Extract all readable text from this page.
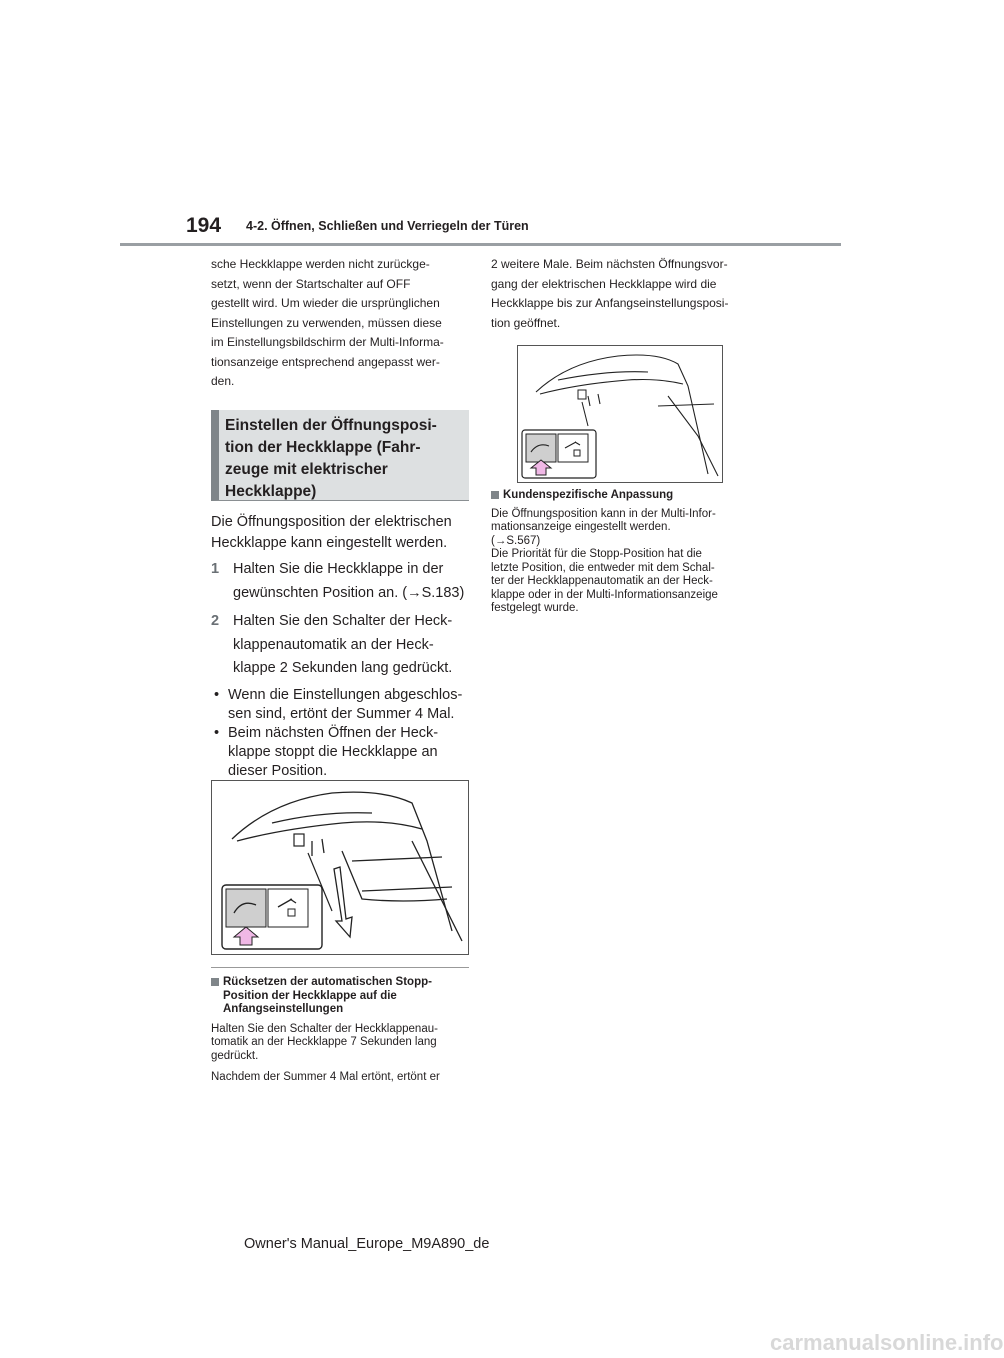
194 4-2. Öffnen, Schließen und Verriegeln der Türen

sche Heckklappe werden nicht zurückge-

setzt, wenn der Startschalter auf OFF

gestellt wird. Um wieder die ursprünglichen

Einstellungen zu verwenden, müssen diese

im Einstellungsbildschirm der Multi-Informa-

tionsanzeige entsprechend angepasst wer-

den.

Einstellen der Öffnungsposi-
tion der Heckklappe (Fahr-
zeuge mit elektrischer
Heckklappe)

Die Öffnungsposition der elektrischen

Heckklappe kann eingestellt werden.

1 Halten Sie die Heckklappe in der
gewünschten Position an. (→S.183)
2 Halten Sie den Schalter der Heck-
klappenautomatik an der Heck-
klappe 2 Sekunden lang gedrückt.
• Wenn die Einstellungen abgeschlos-
sen sind, ertönt der Summer 4 Mal.
• Beim nächsten Öffnen der Heck-
klappe stoppt die Heckklappe an
dieser Position.
Rücksetzen der automatischen Stopp-
Position der Heckklappe auf die
Anfangseinstellungen
Halten Sie den Schalter der Heckklappenau-
tomatik an der Heckklappe 7 Sekunden lang
gedrückt.
Nachdem der Summer 4 Mal ertönt, ertönt er

2 weitere Male. Beim nächsten Öffnungsvor-

gang der elektrischen Heckklappe wird die

Heckklappe bis zur Anfangseinstellungsposi-

tion geöffnet.

Kundenspezifische Anpassung
Die Öffnungsposition kann in der Multi-Infor-
mationsanzeige eingestellt werden.
(→S.567)
Die Priorität für die Stopp-Position hat die
letzte Position, die entweder mit dem Schal-
ter der Heckklappenautomatik an der Heck-
klappe oder in der Multi-Informationsanzeige
festgelegt wurde.
Owner's Manual_Europe_M9A890_de
carmanualsonline.info
